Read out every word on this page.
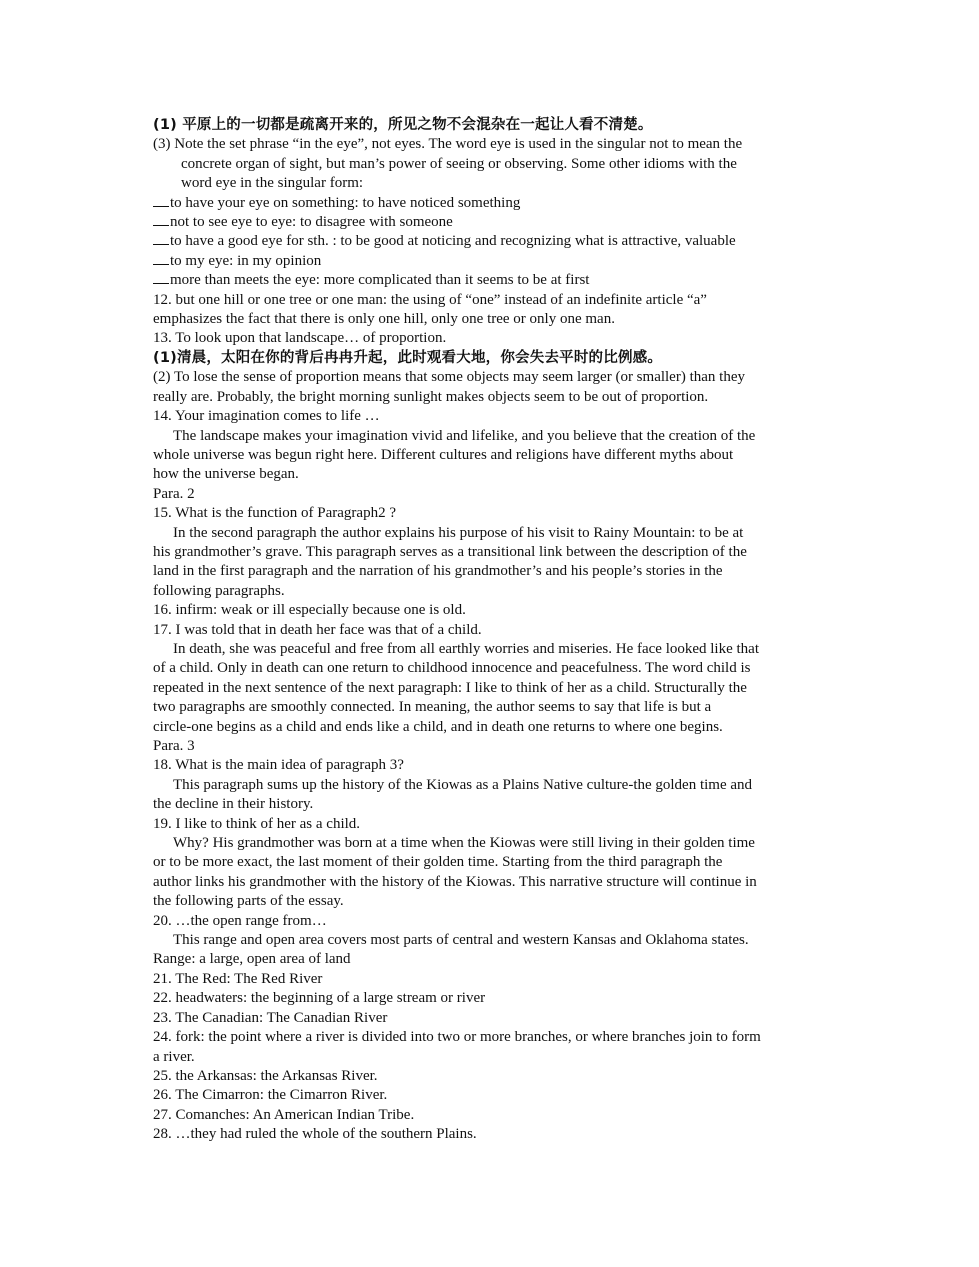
(1) 平原上的一切都是疏离开来的，所见之物不会混杂在一起让人看不清楚。
(3) Note the set phrase “in the eye”, not eyes. The word eye is used in the singular not to mean the
concrete organ of sight, but man’s power of seeing or observing. Some other idioms with the
word eye in the singular form:
to have your eye on something: to have noticed something
not to see eye to eye: to disagree with someone
to have a good eye for sth. : to be good at noticing and recognizing what is attractive, valuable
to my eye: in my opinion
more than meets the eye: more complicated than it seems to be at first
12. but one hill or one tree or one man: the using of “one” instead of an indefinite article “a”
emphasizes the fact that there is only one hill, only one tree or only one man.
13. To look upon that landscape… of proportion.
(1)清晨，太阳在你的背后冉冉升起，此时观看大地，你会失去平时的比例感。
(2) To lose the sense of proportion means that some objects may seem larger (or smaller) than they
really are. Probably, the bright morning sunlight makes objects seem to be out of proportion.
14. Your imagination comes to life …
The landscape makes your imagination vivid and lifelike, and you believe that the creation of the
whole universe was begun right here. Different cultures and religions have different myths about
how the universe began.
Para. 2
15. What is the function of Paragraph2 ?
In the second paragraph the author explains his purpose of his visit to Rainy Mountain: to be at
his grandmother’s grave. This paragraph serves as a transitional link between the description of the
land in the first paragraph and the narration of his grandmother’s and his people’s stories in the
following paragraphs.
16. infirm: weak or ill especially because one is old.
17. I was told that in death her face was that of a child.
In death, she was peaceful and free from all earthly worries and miseries. He face looked like that
of a child. Only in death can one return to childhood innocence and peacefulness. The word child is
repeated in the next sentence of the next paragraph: I like to think of her as a child. Structurally the
two paragraphs are smoothly connected. In meaning, the author seems to say that life is but a
circle-one begins as a child and ends like a child, and in death one returns to where one begins.
Para. 3
18. What is the main idea of paragraph 3?
This paragraph sums up the history of the Kiowas as a Plains Native culture-the golden time and
the decline in their history.
19. I like to think of her as a child.
Why? His grandmother was born at a time when the Kiowas were still living in their golden time
or to be more exact, the last moment of their golden time. Starting from the third paragraph the
author links his grandmother with the history of the Kiowas. This narrative structure will continue in
the following parts of the essay.
20. …the open range from…
This range and open area covers most parts of central and western Kansas and Oklahoma states.
Range: a large, open area of land
21. The Red: The Red River
22. headwaters: the beginning of a large stream or river
23. The Canadian: The Canadian River
24. fork: the point where a river is divided into two or more branches, or where branches join to form
a river.
25. the Arkansas: the Arkansas River.
26. The Cimarron: the Cimarron River.
27. Comanches: An American Indian Tribe.
28. …they had ruled the whole of the southern Plains.
